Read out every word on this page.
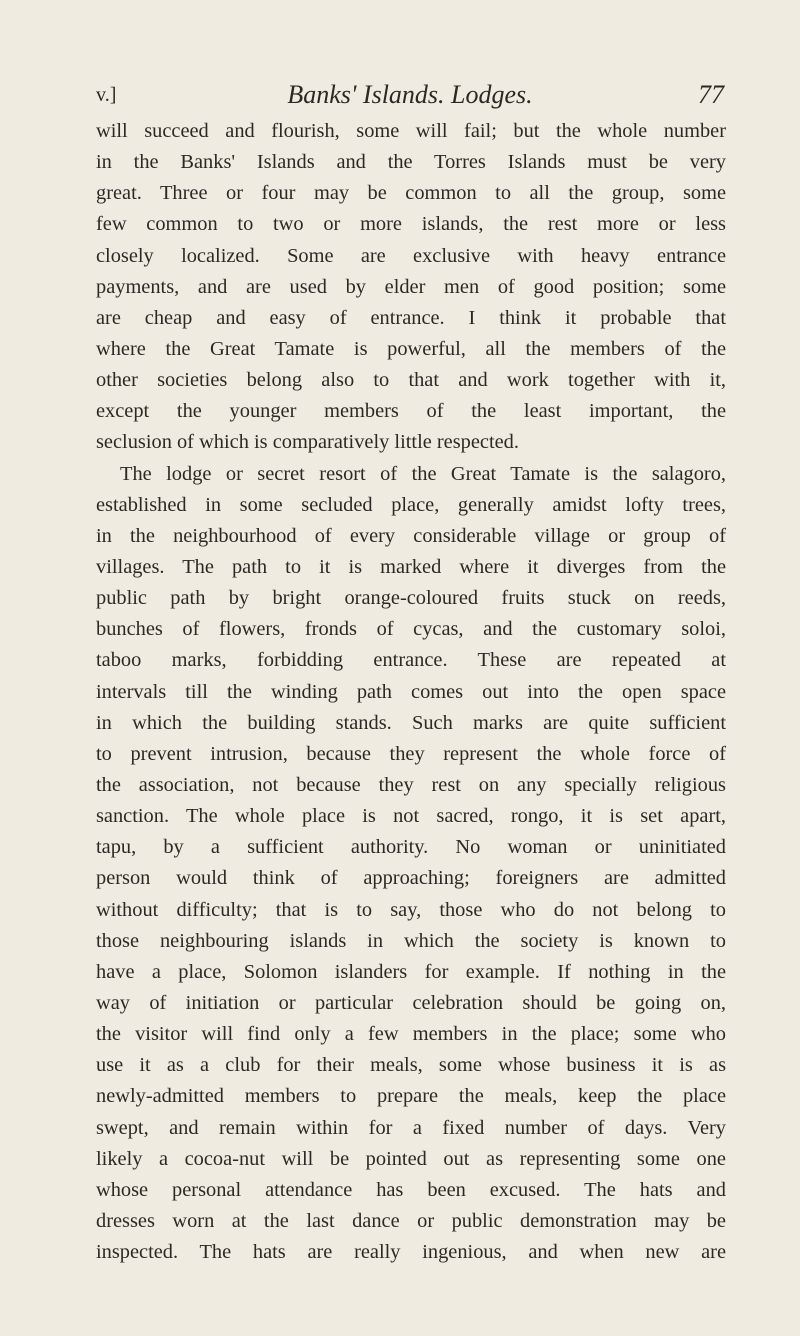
v.]	Banks' Islands. Lodges.	77
will succeed and flourish, some will fail; but the whole number
in the Banks' Islands and the Torres Islands must be very
great. Three or four may be common to all the group, some
few common to two or more islands, the rest more or less
closely localized. Some are exclusive with heavy entrance
payments, and are used by elder men of good position; some
are cheap and easy of entrance. I think it probable that
where the Great Tamate is powerful, all the members of the
other societies belong also to that and work together with it,
except the younger members of the least important, the
seclusion of which is comparatively little respected.
The lodge or secret resort of the Great Tamate is the salagoro,
established in some secluded place, generally amidst lofty trees,
in the neighbourhood of every considerable village or group of
villages. The path to it is marked where it diverges from the
public path by bright orange-coloured fruits stuck on reeds,
bunches of flowers, fronds of cycas, and the customary soloi,
taboo marks, forbidding entrance. These are repeated at
intervals till the winding path comes out into the open space
in which the building stands. Such marks are quite sufficient
to prevent intrusion, because they represent the whole force of
the association, not because they rest on any specially religious
sanction. The whole place is not sacred, rongo, it is set apart,
tapu, by a sufficient authority. No woman or uninitiated
person would think of approaching; foreigners are admitted
without difficulty; that is to say, those who do not belong to
those neighbouring islands in which the society is known to
have a place, Solomon islanders for example. If nothing in the
way of initiation or particular celebration should be going on,
the visitor will find only a few members in the place; some who
use it as a club for their meals, some whose business it is as
newly-admitted members to prepare the meals, keep the place
swept, and remain within for a fixed number of days. Very
likely a cocoa-nut will be pointed out as representing some one
whose personal attendance has been excused. The hats and
dresses worn at the last dance or public demonstration may be
inspected. The hats are really ingenious, and when new are
